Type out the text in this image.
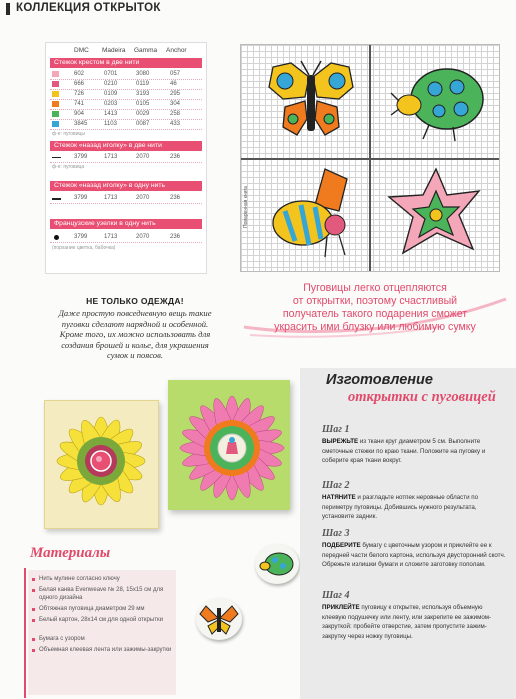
КОЛЛЕКЦИЯ ОТКРЫТОК
DMC Madeira Gamma Anchor
Стежок крестом в две нити
602	0701	3080	057
666	0210	0119	46
726	0109	3193	295
741	0203	0105	304
904	1413	0029	258
3845	1103	0087	433
ф-е: пуговицы
Стежок «назад иголку» в две нити
3799	1713	2070	236
ф-е: пуговица
Стежок «назад иголку» в одну нить
3799	1713	2070	236
Французские узелки в одну нить
3799	1713	2070	236
(порхание цветка, бабочка)
Поваренная книга
Пуговицы легко отцепляются
от открытки, поэтому счастливый
получатель такого подарения сможет
украсить ими блузку или любимую сумку
НЕ ТОЛЬКО ОДЕЖДА!
Даже простую повседневную вещь такие пуговки сделают нарядной и особенной. Кроме того, их можно использовать для создания брошей и колье, для украшения сумок и поясов.
Изготовление
открытки с пуговицей
Шаг 1
ВЫРЕЖЬТЕ из ткани круг диаметром 5 см. Выполните сметочные стежки по краю ткани. Положите на пуговку и соберите края ткани вокруг.
Шаг 2
НАТЯНИТЕ и разгладьте нотпек неровные области по периметру пуговицы. Добившись нужного результата, установите задник.
Шаг 3
ПОДБЕРИТЕ бумагу с цветочным узором и приклейте ее к передней части белого картона, используя двусторонний скотч. Обрежьте излишки бумаги и сложите заготовку пополам.
Шаг 4
ПРИКЛЕЙТЕ пуговицу к открытке, используя объемную клеевую подушечку или ленту, или закрепите ее зажимом-закруткой: пробейте отверстие, затем пропустите зажим-закрутку через ножку пуговицы.
Материалы
Нить мулине согласно ключу
Белая канва Evenweave № 28, 15х15 см для одного дизайна
Обтяжная пуговица диаметром 29 мм
Белый картон, 28х14 см для одной открытки
Бумага с узором
Объемная клеевая лента или зажимы-закрутки
